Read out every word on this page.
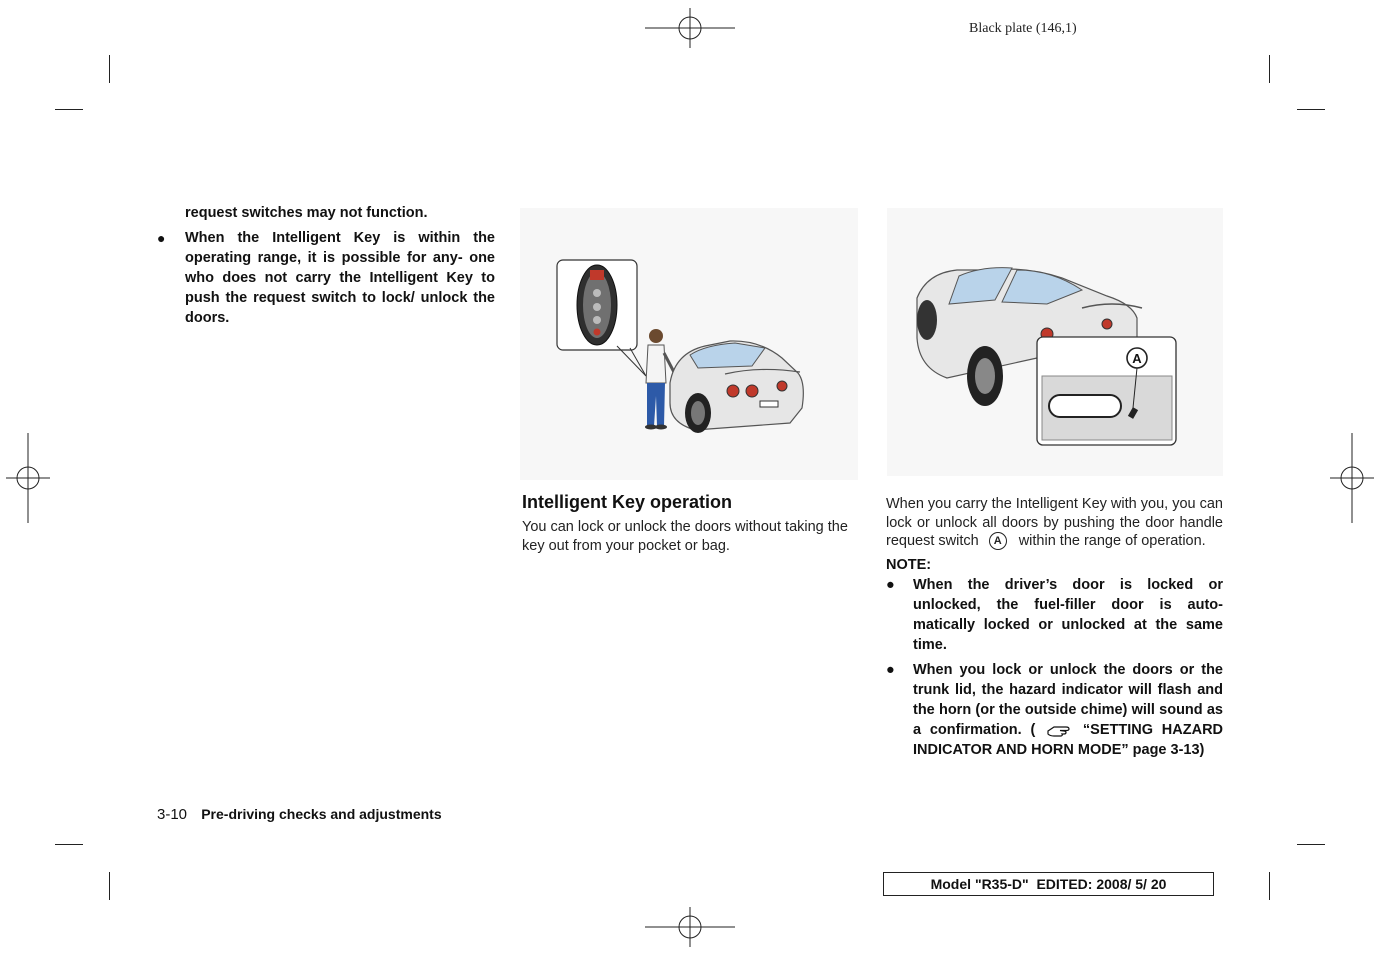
Black plate (146,1)

request switches may not function.

● When the Intelligent Key is within the operating range, it is possible for any- one who does not carry the Intelligent Key to push the request switch to lock/ unlock the doors.

A
Intelligent Key operation
You can lock or unlock the doors without taking the key out from your pocket or bag.

When you carry the Intelligent Key with you, you can lock or unlock all doors by pushing the door handle request switch A within the range of operation.

NOTE:
● When the driver’s door is locked or unlocked, the fuel-filler door is auto- matically locked or unlocked at the same time.
● When you lock or unlock the doors or the trunk lid, the hazard indicator will flash and the horn (or the outside chime) will sound as a confirmation. (	“SETTING HAZARD INDICATOR AND HORN MODE” page 3-13)
3-10 Pre-driving checks and adjustments
Model "R35-D" EDITED: 2008/ 5/ 20
